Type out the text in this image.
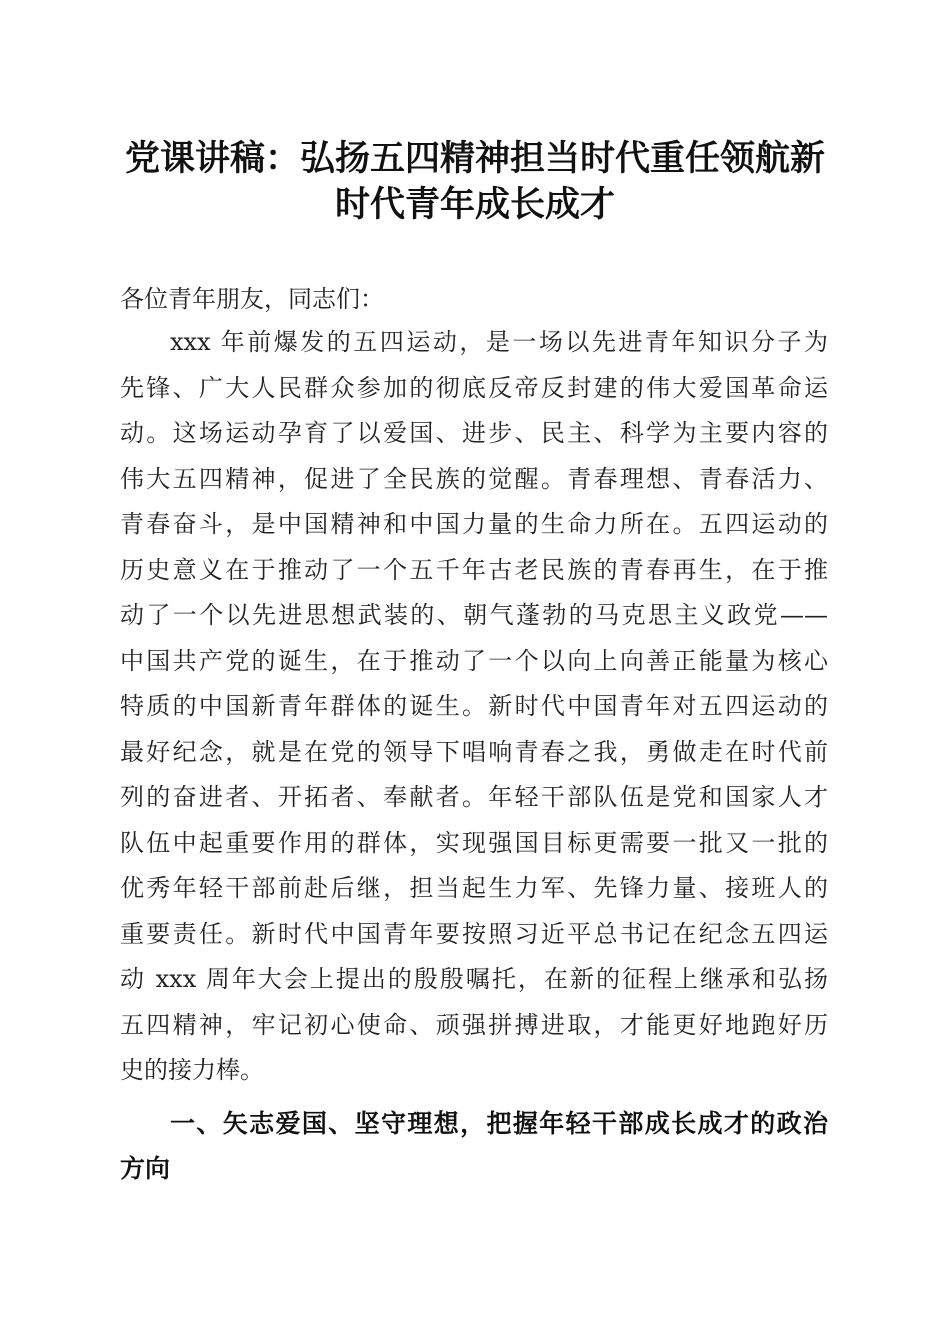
党课讲稿：弘扬五四精神担当时代重任领航新
时代青年成长成才

各位青年朋友，同志们：

xxx 年前爆发的五四运动，是一场以先进青年知识分子为
先锋、广大人民群众参加的彻底反帝反封建的伟大爱国革命运
动。这场运动孕育了以爱国、进步、民主、科学为主要内容的
伟大五四精神，促进了全民族的觉醒。青春理想、青春活力、
青春奋斗，是中国精神和中国力量的生命力所在。五四运动的
历史意义在于推动了一个五千年古老民族的青春再生，在于推
动了一个以先进思想武装的、朝气蓬勃的马克思主义政党——
中国共产党的诞生，在于推动了一个以向上向善正能量为核心
特质的中国新青年群体的诞生。新时代中国青年对五四运动的
最好纪念，就是在党的领导下唱响青春之我，勇做走在时代前
列的奋进者、开拓者、奉献者。年轻干部队伍是党和国家人才
队伍中起重要作用的群体，实现强国目标更需要一批又一批的
优秀年轻干部前赴后继，担当起生力军、先锋力量、接班人的
重要责任。新时代中国青年要按照习近平总书记在纪念五四运
动 xxx 周年大会上提出的殷殷嘱托，在新的征程上继承和弘扬
五四精神，牢记初心使命、顽强拼搏进取，才能更好地跑好历
史的接力棒。
一、矢志爱国、坚守理想，把握年轻干部成长成才的政治
方向
